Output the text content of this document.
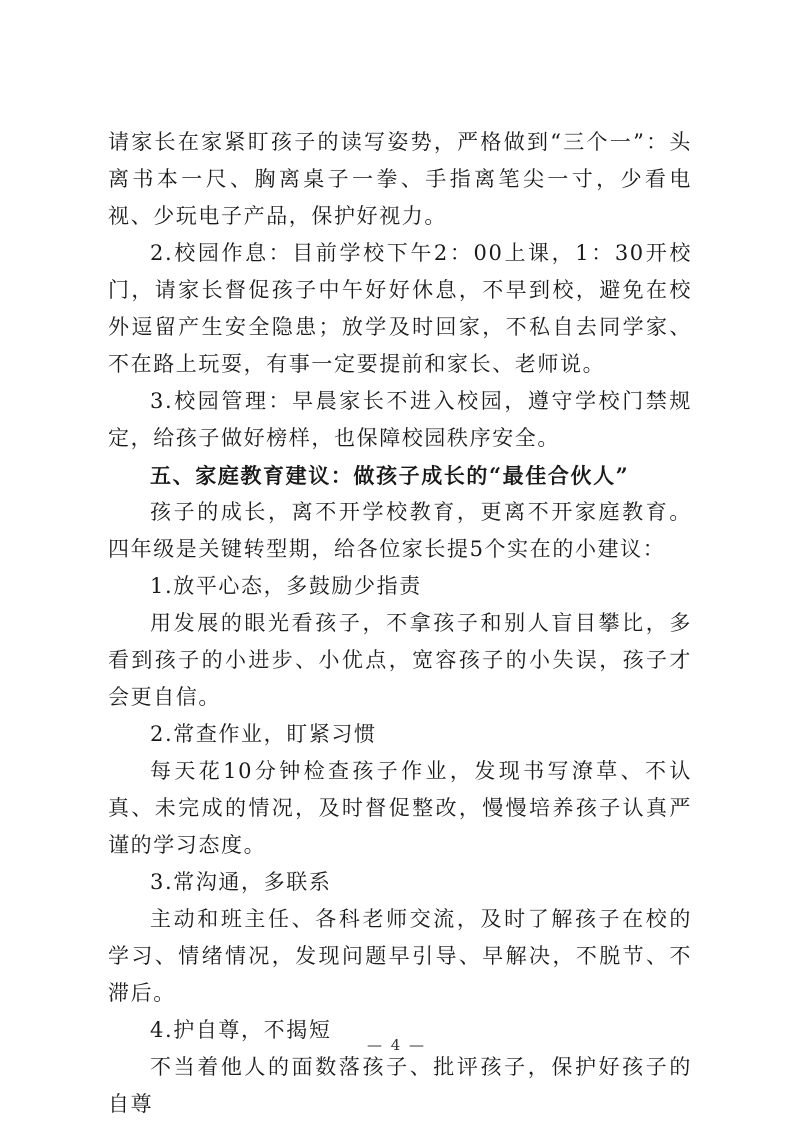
请家长在家紧盯孩子的读写姿势，严格做到“三个一”：头离书本一尺、胸离桌子一拳、手指离笔尖一寸，少看电视、少玩电子产品，保护好视力。

2.校园作息：目前学校下午2：00上课，1：30开校门，请家长督促孩子中午好好休息，不早到校，避免在校外逗留产生安全隐患；放学及时回家，不私自去同学家、不在路上玩耍，有事一定要提前和家长、老师说。

3.校园管理：早晨家长不进入校园，遵守学校门禁规定，给孩子做好榜样，也保障校园秩序安全。

五、家庭教育建议：做孩子成长的“最佳合伙人”

孩子的成长，离不开学校教育，更离不开家庭教育。四年级是关键转型期，给各位家长提5个实在的小建议：

1.放平心态，多鼓励少指责

用发展的眼光看孩子，不拿孩子和别人盲目攀比，多看到孩子的小进步、小优点，宽容孩子的小失误，孩子才会更自信。

2.常查作业，盯紧习惯

每天花10分钟检查孩子作业，发现书写潦草、不认真、未完成的情况，及时督促整改，慢慢培养孩子认真严谨的学习态度。

3.常沟通，多联系

主动和班主任、各科老师交流，及时了解孩子在校的学习、情绪情况，发现问题早引导、早解决，不脱节、不滞后。

4.护自尊，不揭短

不当着他人的面数落孩子、批评孩子，保护好孩子的自尊

— 4 —
